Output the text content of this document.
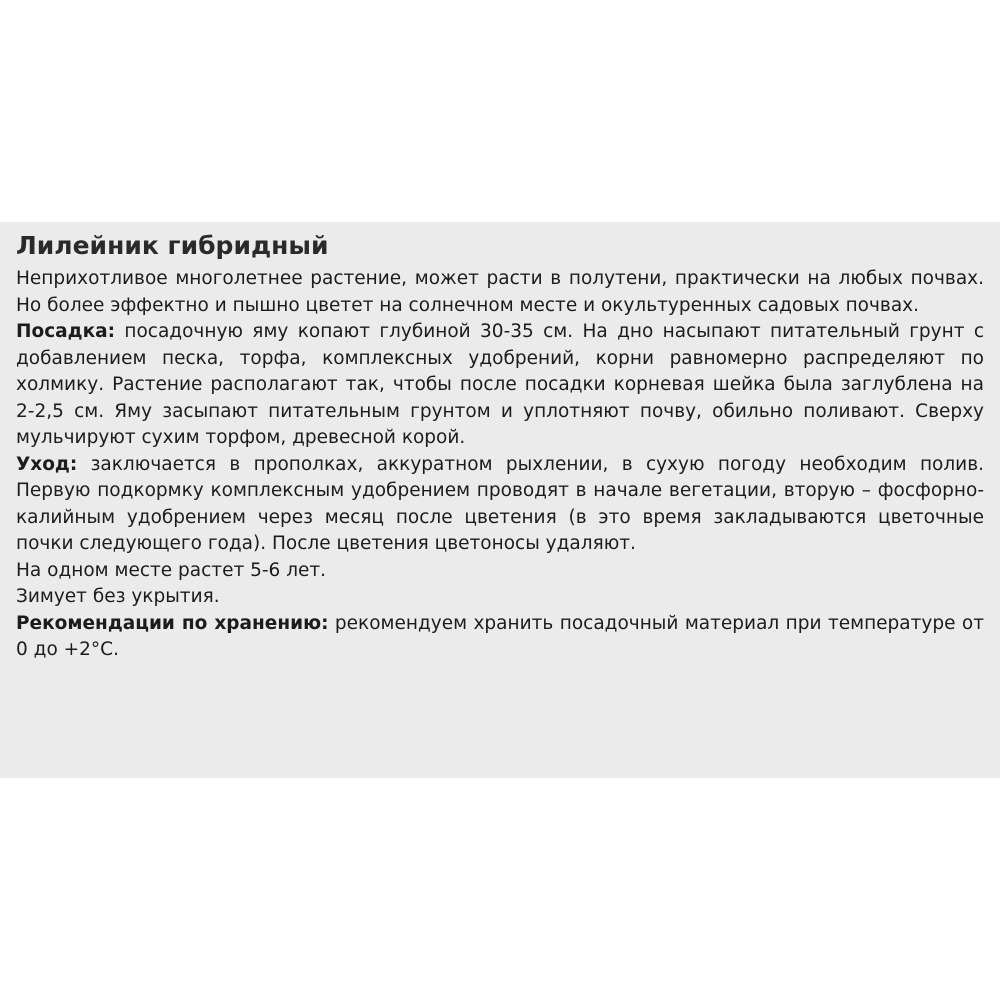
Лилейник гибридный

Неприхотливое многолетнее растение, может расти в полутени, практически на любых почвах. Но более эффектно и пышно цветет на солнечном месте и окультуренных садовых почвах.

Посадка: посадочную яму копают глубиной 30-35 см. На дно насыпают питательный грунт с добавлением песка, торфа, комплексных удобрений, корни равномерно распределяют по холмику. Растение располагают так, чтобы после посадки корневая шейка была заглублена на 2-2,5 см. Яму засыпают питательным грунтом и уплотняют почву, обильно поливают. Сверху мульчируют сухим торфом, древесной корой.

Уход: заключается в прополках, аккуратном рыхлении, в сухую погоду необходим полив. Первую подкормку комплексным удобрением проводят в начале вегетации, вторую – фосфорно-калийным удобрением через месяц после цветения (в это время закладываются цветочные почки следующего года). После цветения цветоносы удаляют.

На одном месте растет 5-6 лет.

Зимует без укрытия.

Рекомендации по хранению: рекомендуем хранить посадочный материал при температуре от 0 до +2°C.
